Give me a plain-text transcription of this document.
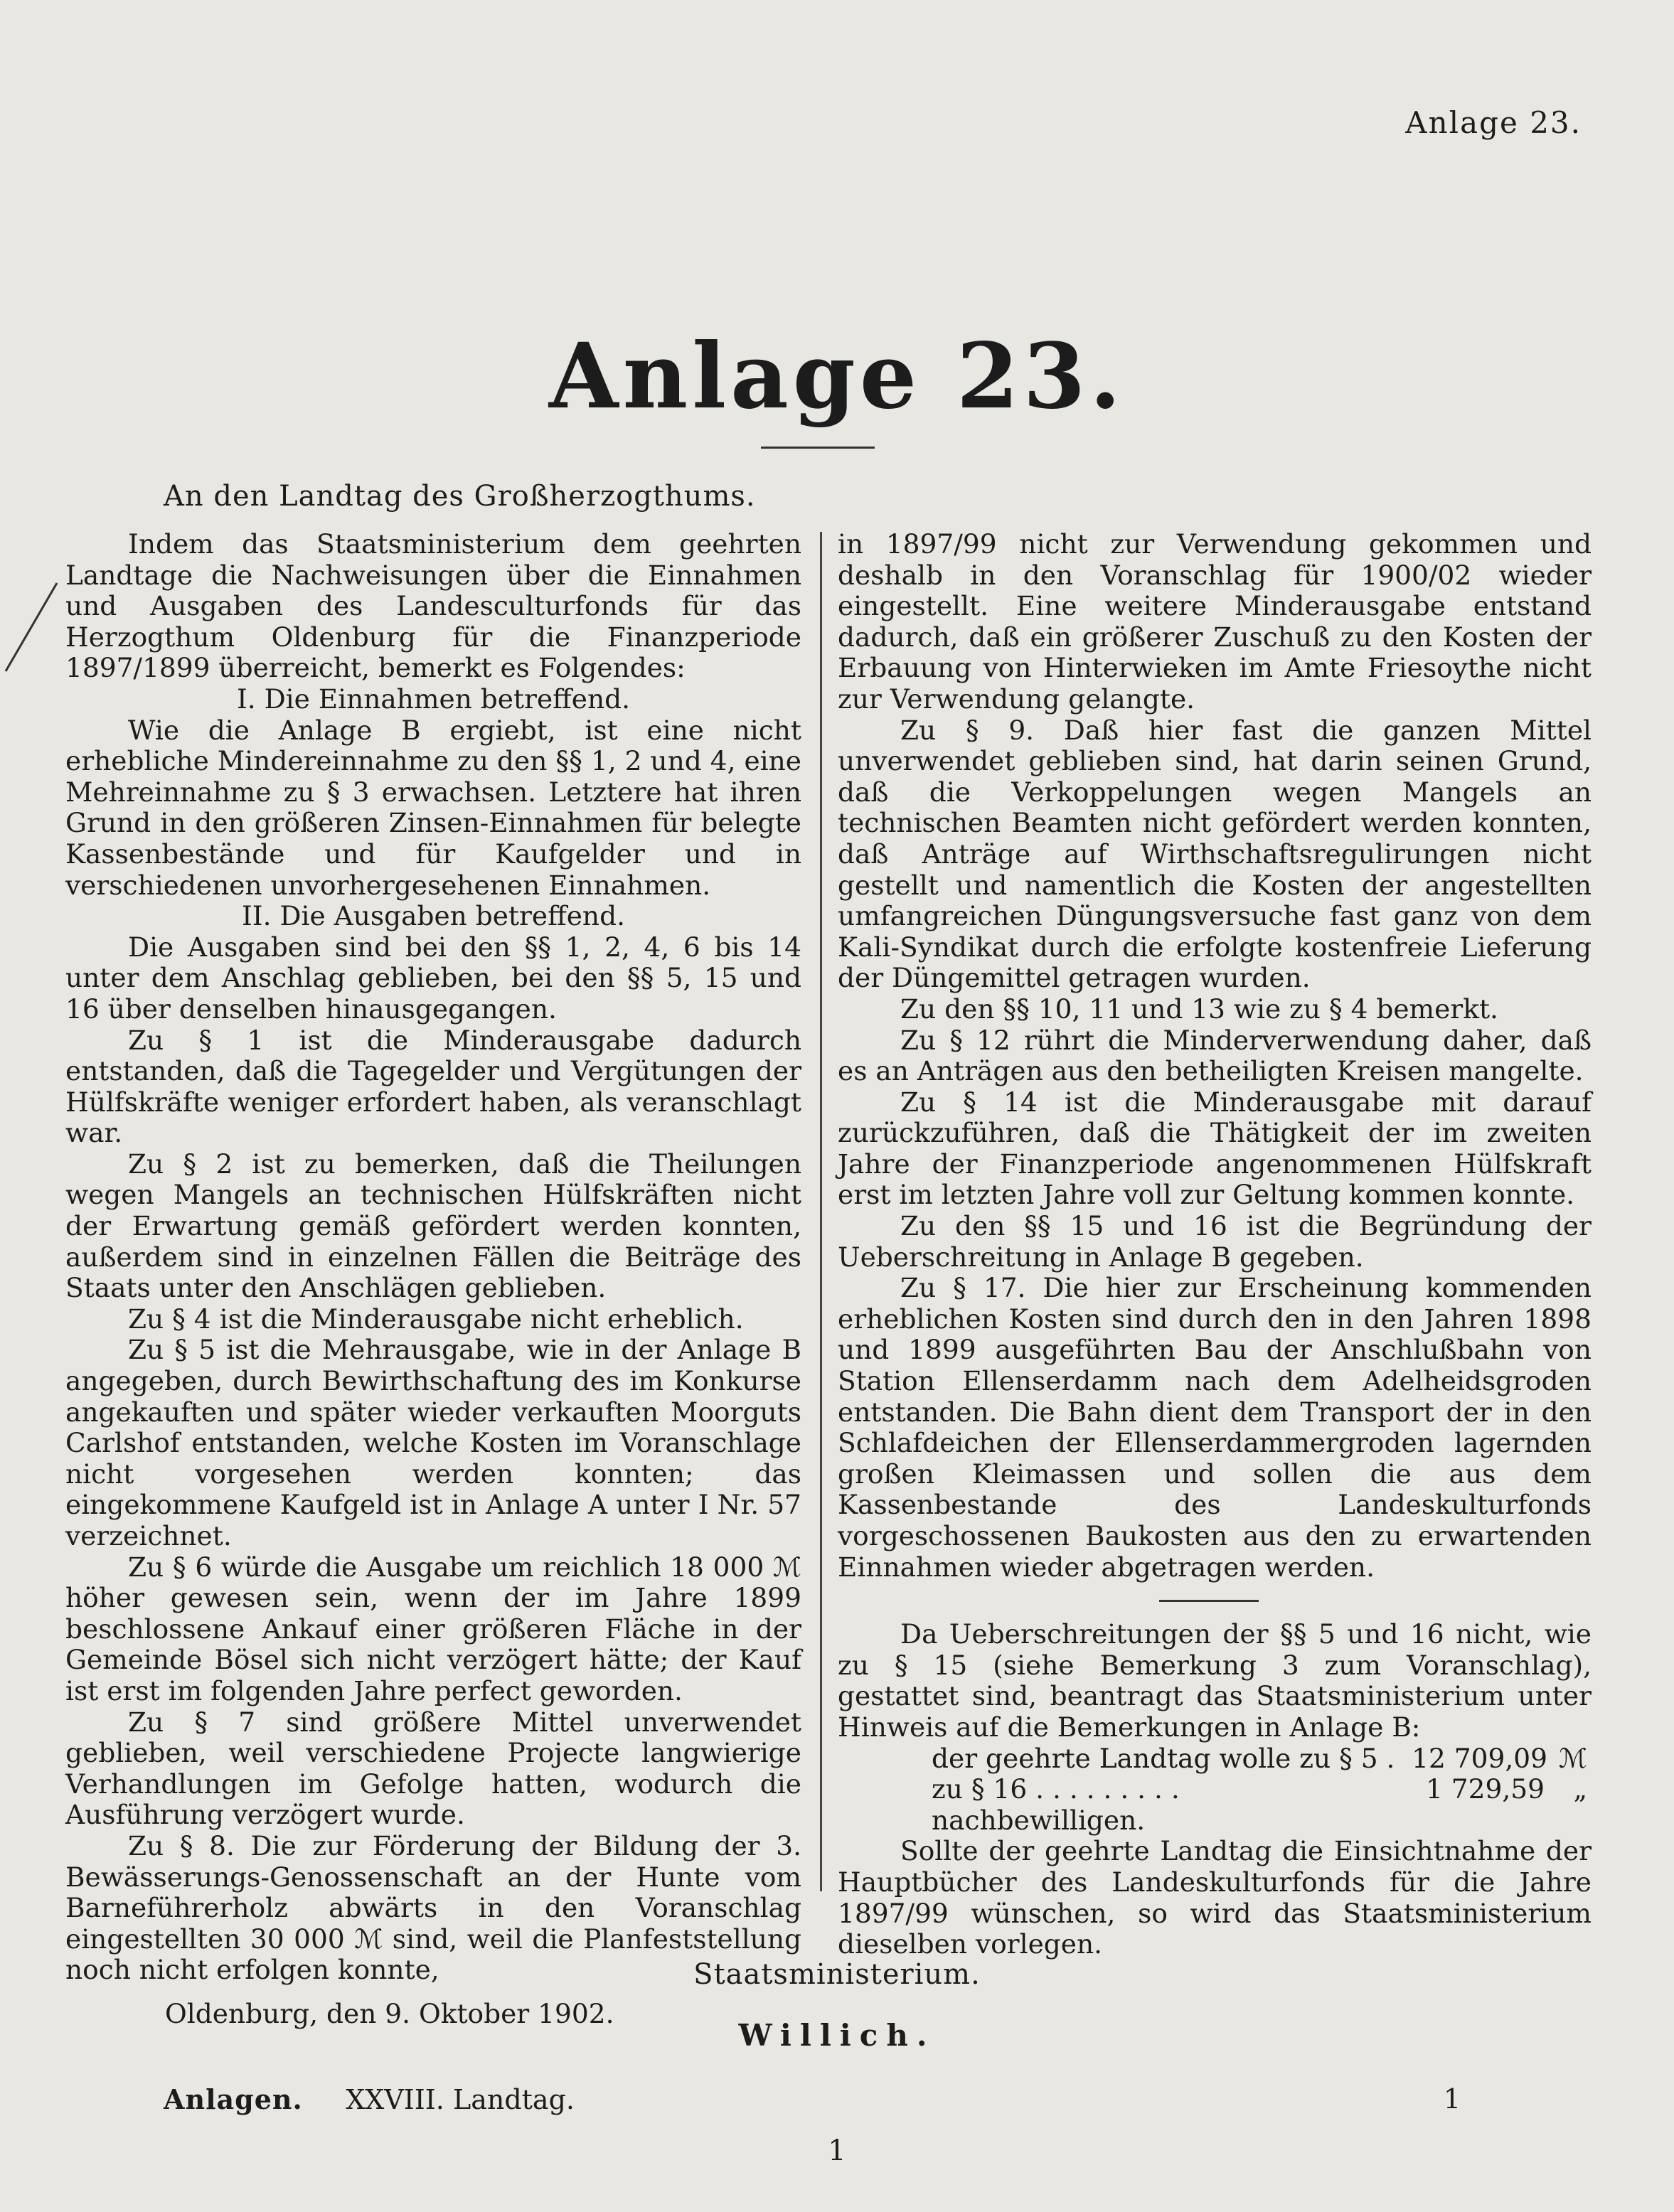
Anlage 23.
Anlage 23.
An den Landtag des Großherzogthums.

Indem das Staatsministerium dem geehrten Landtage die Nachweisungen über die Einnahmen und Ausgaben des Landesculturfonds für das Herzogthum Oldenburg für die Finanzperiode 1897/1899 überreicht, bemerkt es Folgendes:

I. Die Einnahmen betreffend.

Wie die Anlage B ergiebt, ist eine nicht erhebliche Mindereinnahme zu den §§ 1, 2 und 4, eine Mehreinnahme zu § 3 erwachsen. Letztere hat ihren Grund in den größeren Zinsen-Einnahmen für belegte Kassenbestände und für Kaufgelder und in verschiedenen unvorhergesehenen Einnahmen.

II. Die Ausgaben betreffend.

Die Ausgaben sind bei den §§ 1, 2, 4, 6 bis 14 unter dem Anschlag geblieben, bei den §§ 5, 15 und 16 über denselben hinausgegangen.

Zu § 1 ist die Minderausgabe dadurch entstanden, daß die Tagegelder und Vergütungen der Hülfskräfte weniger erfordert haben, als veranschlagt war.

Zu § 2 ist zu bemerken, daß die Theilungen wegen Mangels an technischen Hülfskräften nicht der Erwartung gemäß gefördert werden konnten, außerdem sind in einzelnen Fällen die Beiträge des Staats unter den Anschlägen geblieben.

Zu § 4 ist die Minderausgabe nicht erheblich.

Zu § 5 ist die Mehrausgabe, wie in der Anlage B angegeben, durch Bewirthschaftung des im Konkurse angekauften und später wieder verkauften Moorguts Carlshof entstanden, welche Kosten im Voranschlage nicht vorgesehen werden konnten; das eingekommene Kaufgeld ist in Anlage A unter I Nr. 57 verzeichnet.

Zu § 6 würde die Ausgabe um reichlich 18 000 ℳ höher gewesen sein, wenn der im Jahre 1899 beschlossene Ankauf einer größeren Fläche in der Gemeinde Bösel sich nicht verzögert hätte; der Kauf ist erst im folgenden Jahre perfect geworden.

Zu § 7 sind größere Mittel unverwendet geblieben, weil verschiedene Projecte langwierige Verhandlungen im Gefolge hatten, wodurch die Ausführung verzögert wurde.

Zu § 8. Die zur Förderung der Bildung der 3. Bewässerungs-Genossenschaft an der Hunte vom Barneführerholz abwärts in den Voranschlag eingestellten 30 000 ℳ sind, weil die Planfeststellung noch nicht erfolgen konnte,

Oldenburg, den 9. Oktober 1902.

in 1897/99 nicht zur Verwendung gekommen und deshalb in den Voranschlag für 1900/02 wieder eingestellt. Eine weitere Minderausgabe entstand dadurch, daß ein größerer Zuschuß zu den Kosten der Erbauung von Hinterwieken im Amte Friesoythe nicht zur Verwendung gelangte.

Zu § 9. Daß hier fast die ganzen Mittel unverwendet geblieben sind, hat darin seinen Grund, daß die Verkoppelungen wegen Mangels an technischen Beamten nicht gefördert werden konnten, daß Anträge auf Wirthschaftsregulirungen nicht gestellt und namentlich die Kosten der angestellten umfangreichen Düngungsversuche fast ganz von dem Kali-Syndikat durch die erfolgte kostenfreie Lieferung der Düngemittel getragen wurden.

Zu den §§ 10, 11 und 13 wie zu § 4 bemerkt.

Zu § 12 rührt die Minderverwendung daher, daß es an Anträgen aus den betheiligten Kreisen mangelte.

Zu § 14 ist die Minderausgabe mit darauf zurückzuführen, daß die Thätigkeit der im zweiten Jahre der Finanzperiode angenommenen Hülfskraft erst im letzten Jahre voll zur Geltung kommen konnte.

Zu den §§ 15 und 16 ist die Begründung der Ueberschreitung in Anlage B gegeben.

Zu § 17. Die hier zur Erscheinung kommenden erheblichen Kosten sind durch den in den Jahren 1898 und 1899 ausgeführten Bau der Anschlußbahn von Station Ellenserdamm nach dem Adelheidsgroden entstanden. Die Bahn dient dem Transport der in den Schlafdeichen der Ellenserdammergroden lagernden großen Kleimassen und sollen die aus dem Kassenbestande des Landeskulturfonds vorgeschossenen Baukosten aus den zu erwartenden Einnahmen wieder abgetragen werden.

Da Ueberschreitungen der §§ 5 und 16 nicht, wie zu § 15 (siehe Bemerkung 3 zum Voranschlag), gestattet sind, beantragt das Staatsministerium unter Hinweis auf die Bemerkungen in Anlage B:

der geehrte Landtag wolle zu § 5 . 12 709,09 ℳ
zu § 16 . . . . . . . . .	1 729,59	„

nachbewilligen.

Sollte der geehrte Landtag die Einsichtnahme der Hauptbücher des Landeskulturfonds für die Jahre 1897/99 wünschen, so wird das Staatsministerium dieselben vorlegen.

Staatsministerium.
Willich.
Anlagen. XXVIII. Landtag.	1
1
